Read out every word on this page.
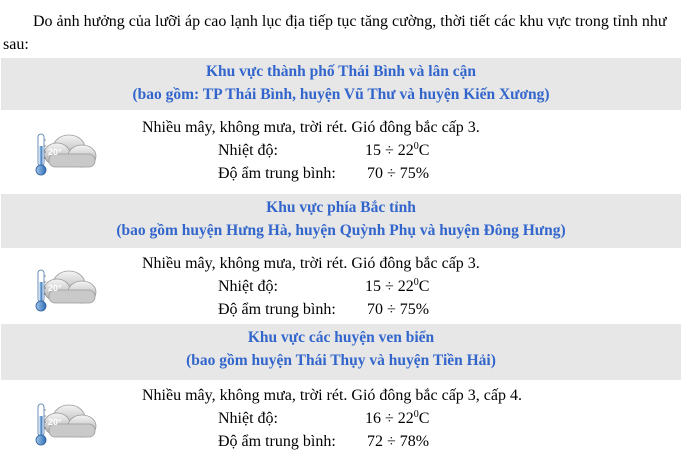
Do ảnh hưởng của lưỡi áp cao lạnh lục địa tiếp tục tăng cường, thời tiết các khu vực trong tỉnh như sau:

Khu vực thành phố Thái Bình và lân cận
(bao gồm: TP Thái Bình, huyện Vũ Thư và huyện Kiến Xương)
20°
Nhiều mây, không mưa, trời rét. Gió đông bắc cấp 3.
Nhiệt độ:	$15 \div 22^0C$
Độ ẩm trung bình: 70 ÷ 75%
Khu vực phía Bắc tỉnh
(bao gồm huyện Hưng Hà, huyện Quỳnh Phụ và huyện Đông Hưng)
20°
Nhiều mây, không mưa, trời rét. Gió đông bắc cấp 3.
Nhiệt độ:	$15 \div 22^0C$
Độ ẩm trung bình: 70 ÷ 75%
Khu vực các huyện ven biển
(bao gồm huyện Thái Thụy và huyện Tiền Hải)
20°
Nhiều mây, không mưa, trời rét. Gió đông bắc cấp 3, cấp 4.
Nhiệt độ:	$16 \div 22^0C$
Độ ẩm trung bình: 72 ÷ 78%
